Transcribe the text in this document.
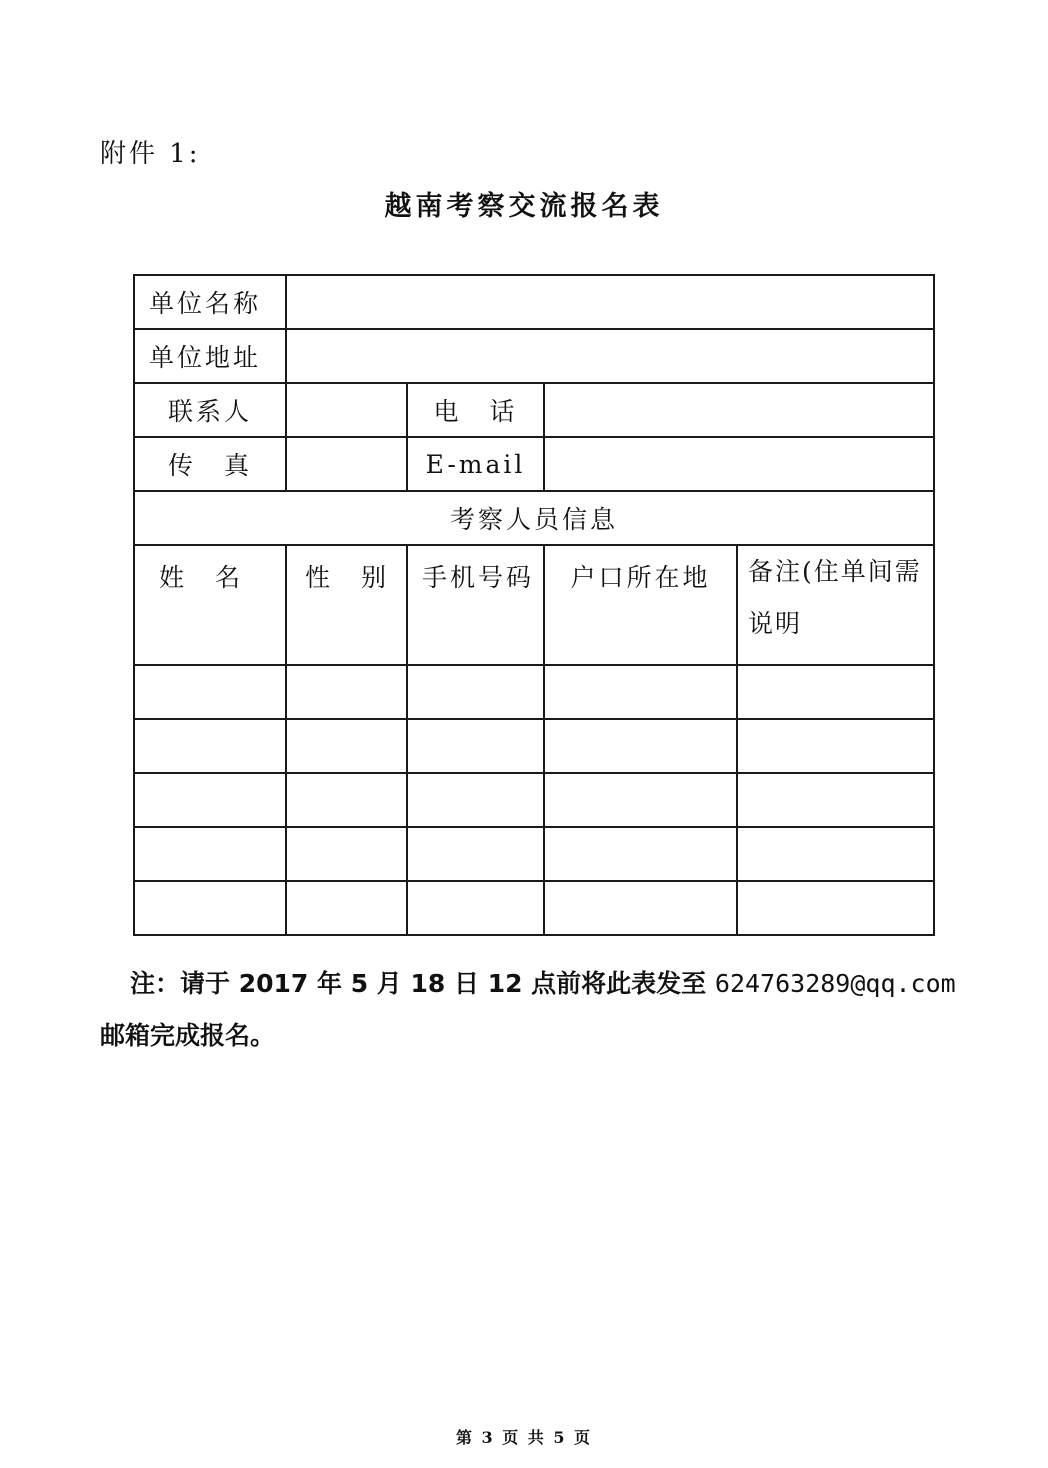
附件 1:
越南考察交流报名表
单位名称				
单位地址				
联系人		电　话		
传　真		E-mail		
考察人员信息				
姓　名	性　别	手机号码	户口所在地	备注(住单间需说明

注：请于 2017 年 5 月 18 日 12 点前将此表发至 624763289@qq.com
邮箱完成报名。
第 3 页 共 5 页
